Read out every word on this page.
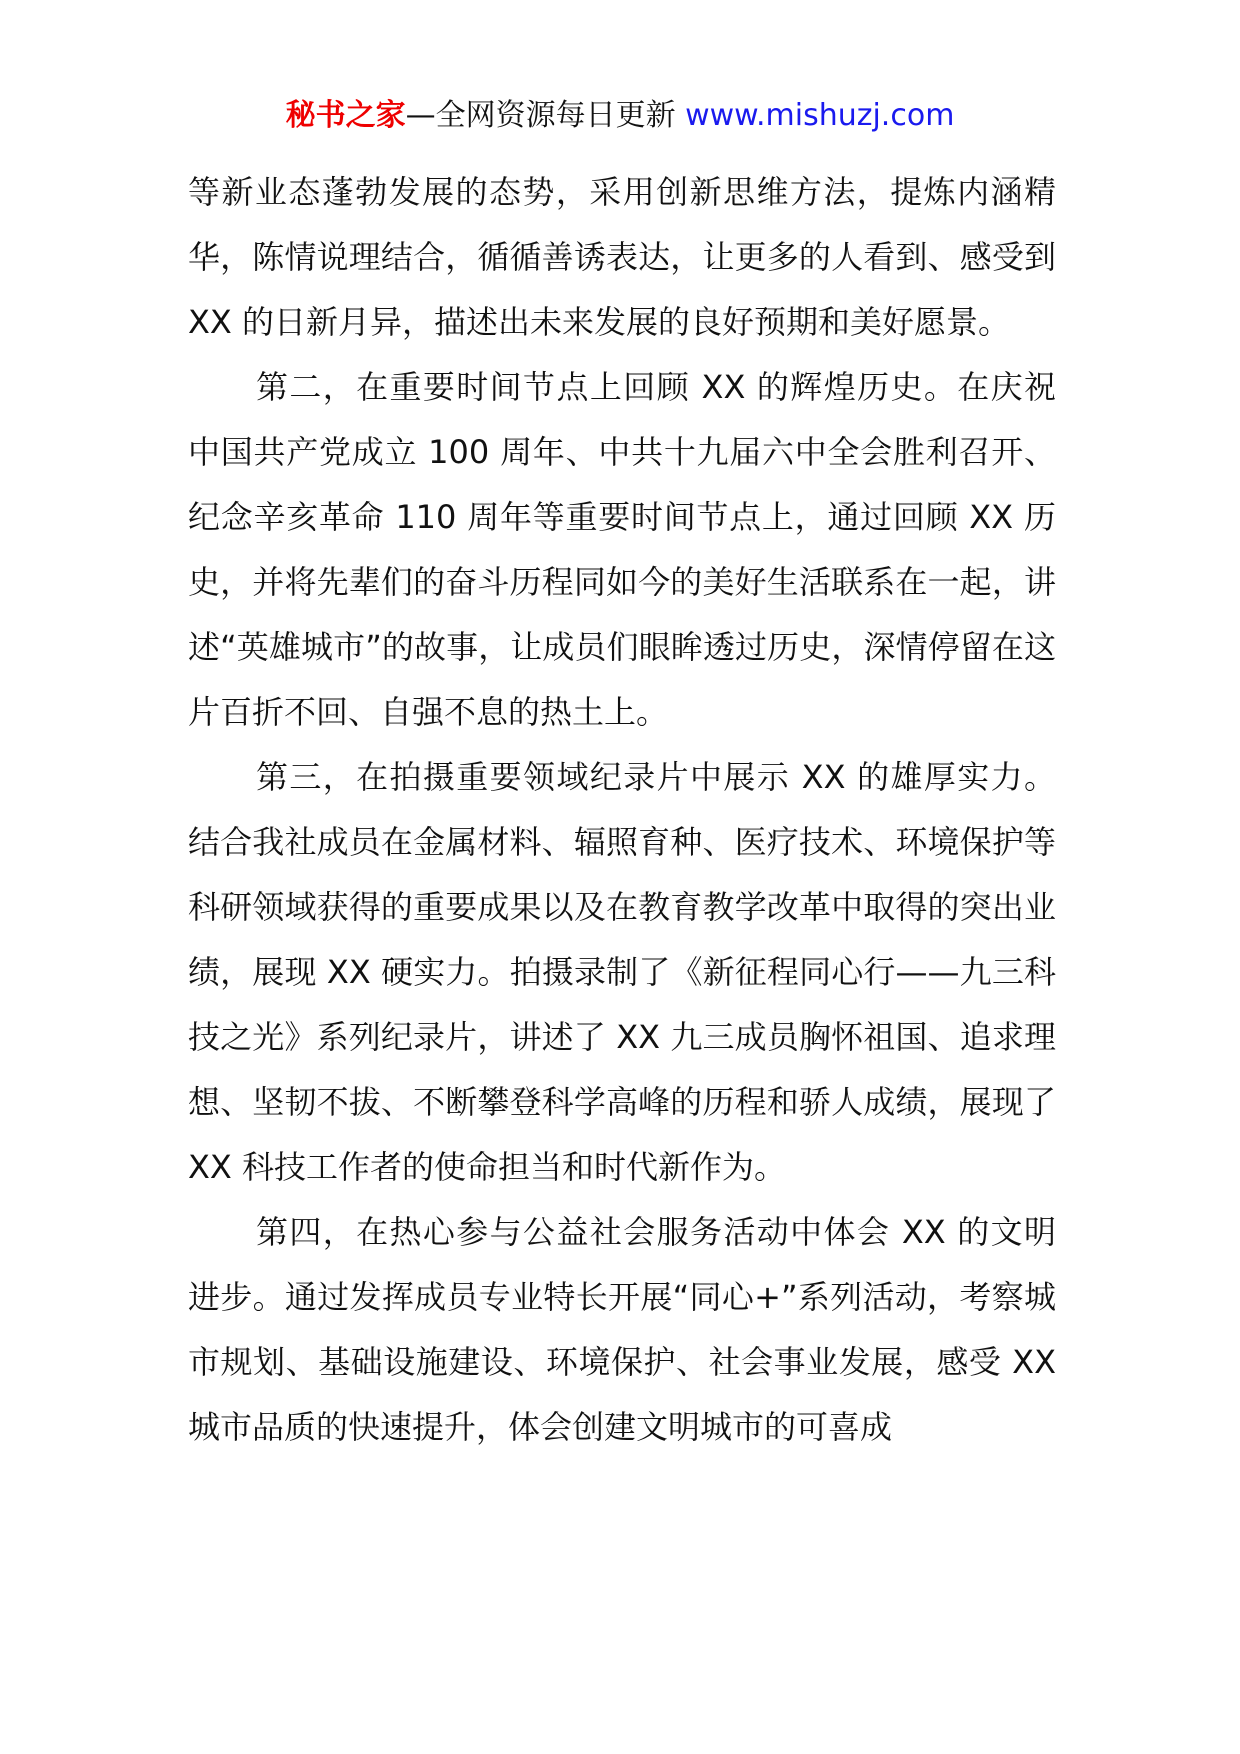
秘书之家—全网资源每日更新 www.mishuzj.com

等新业态蓬勃发展的态势，采用创新思维方法，提炼内涵精华，陈情说理结合，循循善诱表达，让更多的人看到、感受到 XX 的日新月异，描述出未来发展的良好预期和美好愿景。

第二，在重要时间节点上回顾 XX 的辉煌历史。在庆祝中国共产党成立 100 周年、中共十九届六中全会胜利召开、纪念辛亥革命 110 周年等重要时间节点上，通过回顾 XX 历史，并将先辈们的奋斗历程同如今的美好生活联系在一起，讲述“英雄城市”的故事，让成员们眼眸透过历史，深情停留在这片百折不回、自强不息的热土上。

第三，在拍摄重要领域纪录片中展示 XX 的雄厚实力。结合我社成员在金属材料、辐照育种、医疗技术、环境保护等科研领域获得的重要成果以及在教育教学改革中取得的突出业绩，展现 XX 硬实力。拍摄录制了《新征程同心行——九三科技之光》系列纪录片，讲述了 XX 九三成员胸怀祖国、追求理想、坚韧不拔、不断攀登科学高峰的历程和骄人成绩，展现了 XX 科技工作者的使命担当和时代新作为。

第四，在热心参与公益社会服务活动中体会 XX 的文明进步。通过发挥成员专业特长开展“同心+”系列活动，考察城市规划、基础设施建设、环境保护、社会事业发展，感受 XX 城市品质的快速提升，体会创建文明城市的可喜成
